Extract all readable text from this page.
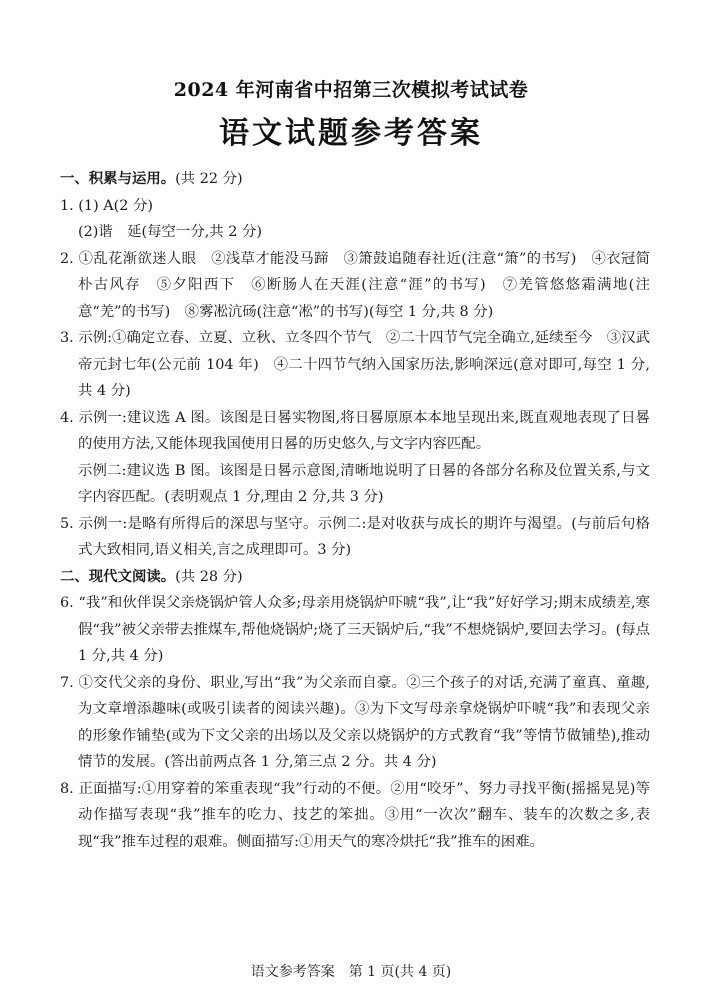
2024 年河南省中招第三次模拟考试试卷
语文试题参考答案

一、积累与运用。(共 22 分)

1. (1) A(2 分)

(2)谐　延(每空一分,共 2 分)

2. ①乱花渐欲迷人眼　②浅草才能没马蹄　③箫鼓追随春社近(注意“箫”的书写)　④衣冠简朴古风存　⑤夕阳西下　⑥断肠人在天涯(注意“涯”的书写)　⑦羌管悠悠霜满地(注意“羌”的书写)　⑧雾凇沆砀(注意“凇”的书写)(每空 1 分,共 8 分)

3. 示例:①确定立春、立夏、立秋、立冬四个节气　②二十四节气完全确立,延续至今　③汉武帝元封七年(公元前 104 年)　④二十四节气纳入国家历法,影响深远(意对即可,每空 1 分,共 4 分)

4. 示例一:建议选 A 图。该图是日晷实物图,将日晷原原本本地呈现出来,既直观地表现了日晷的使用方法,又能体现我国使用日晷的历史悠久,与文字内容匹配。

示例二:建议选 B 图。该图是日晷示意图,清晰地说明了日晷的各部分名称及位置关系,与文字内容匹配。(表明观点 1 分,理由 2 分,共 3 分)

5. 示例一:是略有所得后的深思与坚守。示例二:是对收获与成长的期许与渴望。(与前后句格式大致相同,语义相关,言之成理即可。3 分)

二、现代文阅读。(共 28 分)

6. “我”和伙伴误父亲烧锅炉管人众多;母亲用烧锅炉吓唬“我”,让“我”好好学习;期末成绩差,寒假“我”被父亲带去推煤车,帮他烧锅炉;烧了三天锅炉后,“我”不想烧锅炉,要回去学习。(每点 1 分,共 4 分)

7. ①交代父亲的身份、职业,写出“我”为父亲而自豪。②三个孩子的对话,充满了童真、童趣,为文章增添趣味(或吸引读者的阅读兴趣)。③为下文写母亲拿烧锅炉吓唬“我”和表现父亲的形象作铺垫(或为下文父亲的出场以及父亲以烧锅炉的方式教育“我”等情节做铺垫),推动情节的发展。(答出前两点各 1 分,第三点 2 分。共 4 分)

8. 正面描写:①用穿着的笨重表现“我”行动的不便。②用“咬牙”、努力寻找平衡(摇摇晃晃)等动作描写表现“我”推车的吃力、技艺的笨拙。③用“一次次”翻车、装车的次数之多,表现“我”推车过程的艰难。侧面描写:①用天气的寒冷烘托“我”推车的困难。

语文参考答案　第 1 页(共 4 页)
